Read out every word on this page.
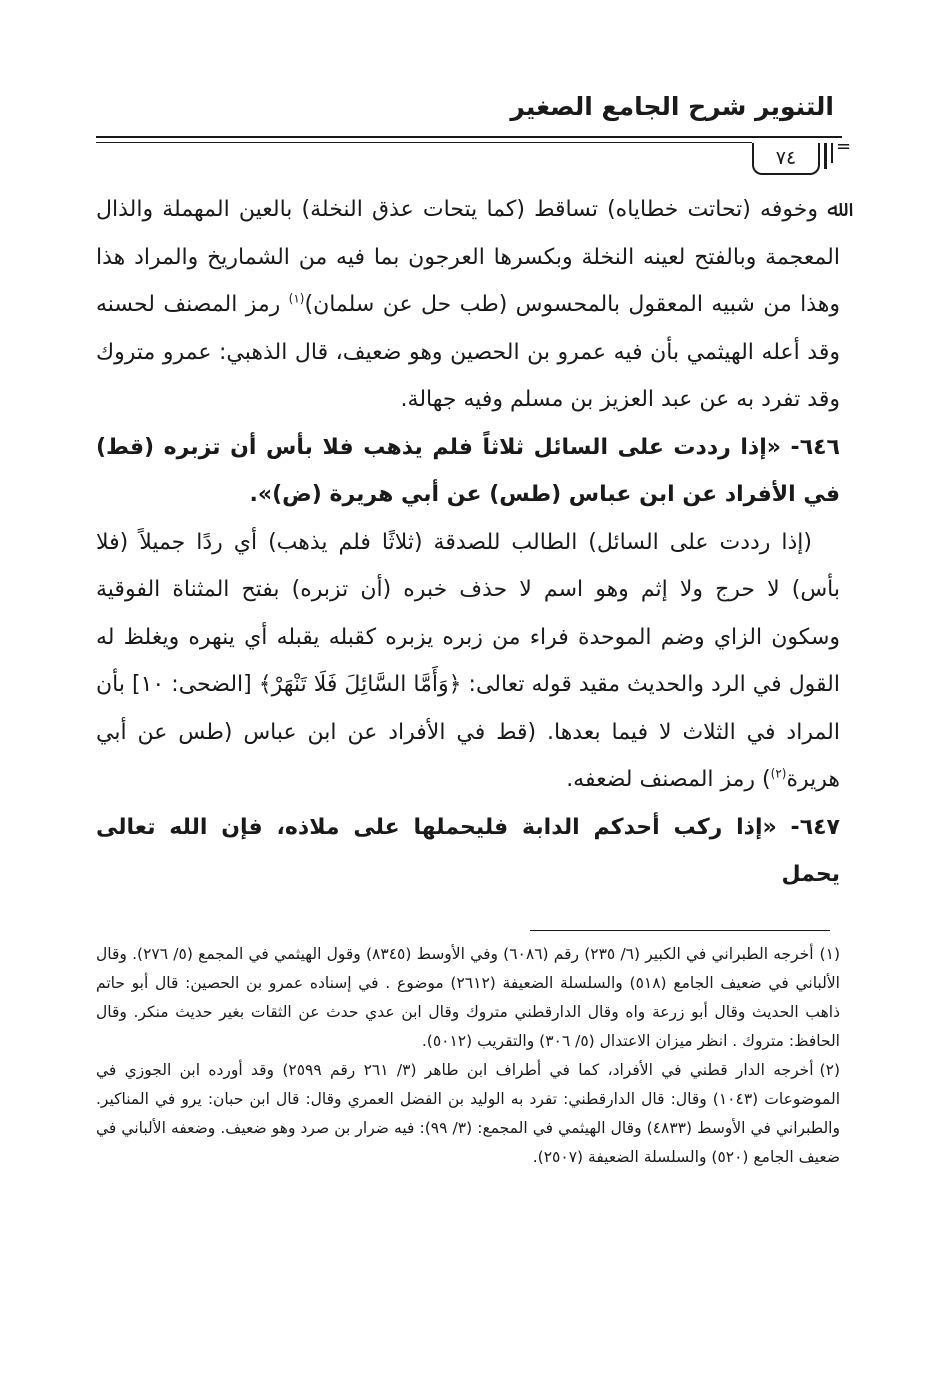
التنوير شرح الجامع الصغير
٧٤
=

ﷲ وخوفه (تحاتت خطاياه) تساقط (كما يتحات عذق النخلة) بالعين المهملة والذال المعجمة وبالفتح لعينه النخلة وبكسرها العرجون بما فيه من الشماريخ والمراد هذا وهذا من شبيه المعقول بالمحسوس (طب حل عن سلمان)$^{(١)}$ رمز المصنف لحسنه وقد أعله الهيثمي بأن فيه عمرو بن الحصين وهو ضعيف، قال الذهبي: عمرو متروك وقد تفرد به عن عبد العزيز بن مسلم وفيه جهالة.

٦٤٦- «إذا رددت على السائل ثلاثاً فلم يذهب فلا بأس أن تزبره (قط) في الأفراد عن ابن عباس (طس) عن أبي هريرة (ض)».

(إذا رددت على السائل) الطالب للصدقة (ثلاثًا فلم يذهب) أي ردًا جميلاً (فلا بأس) لا حرج ولا إثم وهو اسم لا حذف خبره (أن تزبره) بفتح المثناة الفوقية وسكون الزاي وضم الموحدة فراء من زبره يزبره كقبله يقبله أي ينهره ويغلظ له القول في الرد والحديث مقيد قوله تعالى: ﴿وَأَمَّا السَّائِلَ فَلَا تَنْهَرْ﴾ [الضحى: ١٠] بأن المراد في الثلاث لا فيما بعدها. (قط في الأفراد عن ابن عباس (طس عن أبي هريرة$^{(٢)}$) رمز المصنف لضعفه.

٦٤٧- «إذا ركب أحدكم الدابة فليحملها على ملاذه، فإن الله تعالى يحمل

(١)أخرجه الطبراني في الكبير (٦/ ٢٣٥) رقم (٦٠٨٦) وفي الأوسط (٨٣٤٥) وقول الهيثمي في المجمع (٥/ ٢٧٦). وقال الألباني في ضعيف الجامع (٥١٨) والسلسلة الضعيفة (٢٦١٢) موضوع . في إسناده عمرو بن الحصين: قال أبو حاتم ذاهب الحديث وقال أبو زرعة واه وقال الدارقطني متروك وقال ابن عدي حدث عن الثقات بغير حديث منكر. وقال الحافظ: متروك . انظر ميزان الاعتدال (٥/ ٣٠٦) والتقريب (٥٠١٢).

(٢)أخرجه الدار قطني في الأفراد، كما في أطراف ابن طاهر (٣/ ٢٦١ رقم ٢٥٩٩) وقد أورده ابن الجوزي في الموضوعات (١٠٤٣) وقال: قال الدارقطني: تفرد به الوليد بن الفضل العمري وقال: قال ابن حبان: يرو في المناكير. والطبراني في الأوسط (٤٨٣٣) وقال الهيثمي في المجمع: (٣/ ٩٩): فيه ضرار بن صرد وهو ضعيف. وضعفه الألباني في ضعيف الجامع (٥٢٠) والسلسلة الضعيفة (٢٥٠٧).
